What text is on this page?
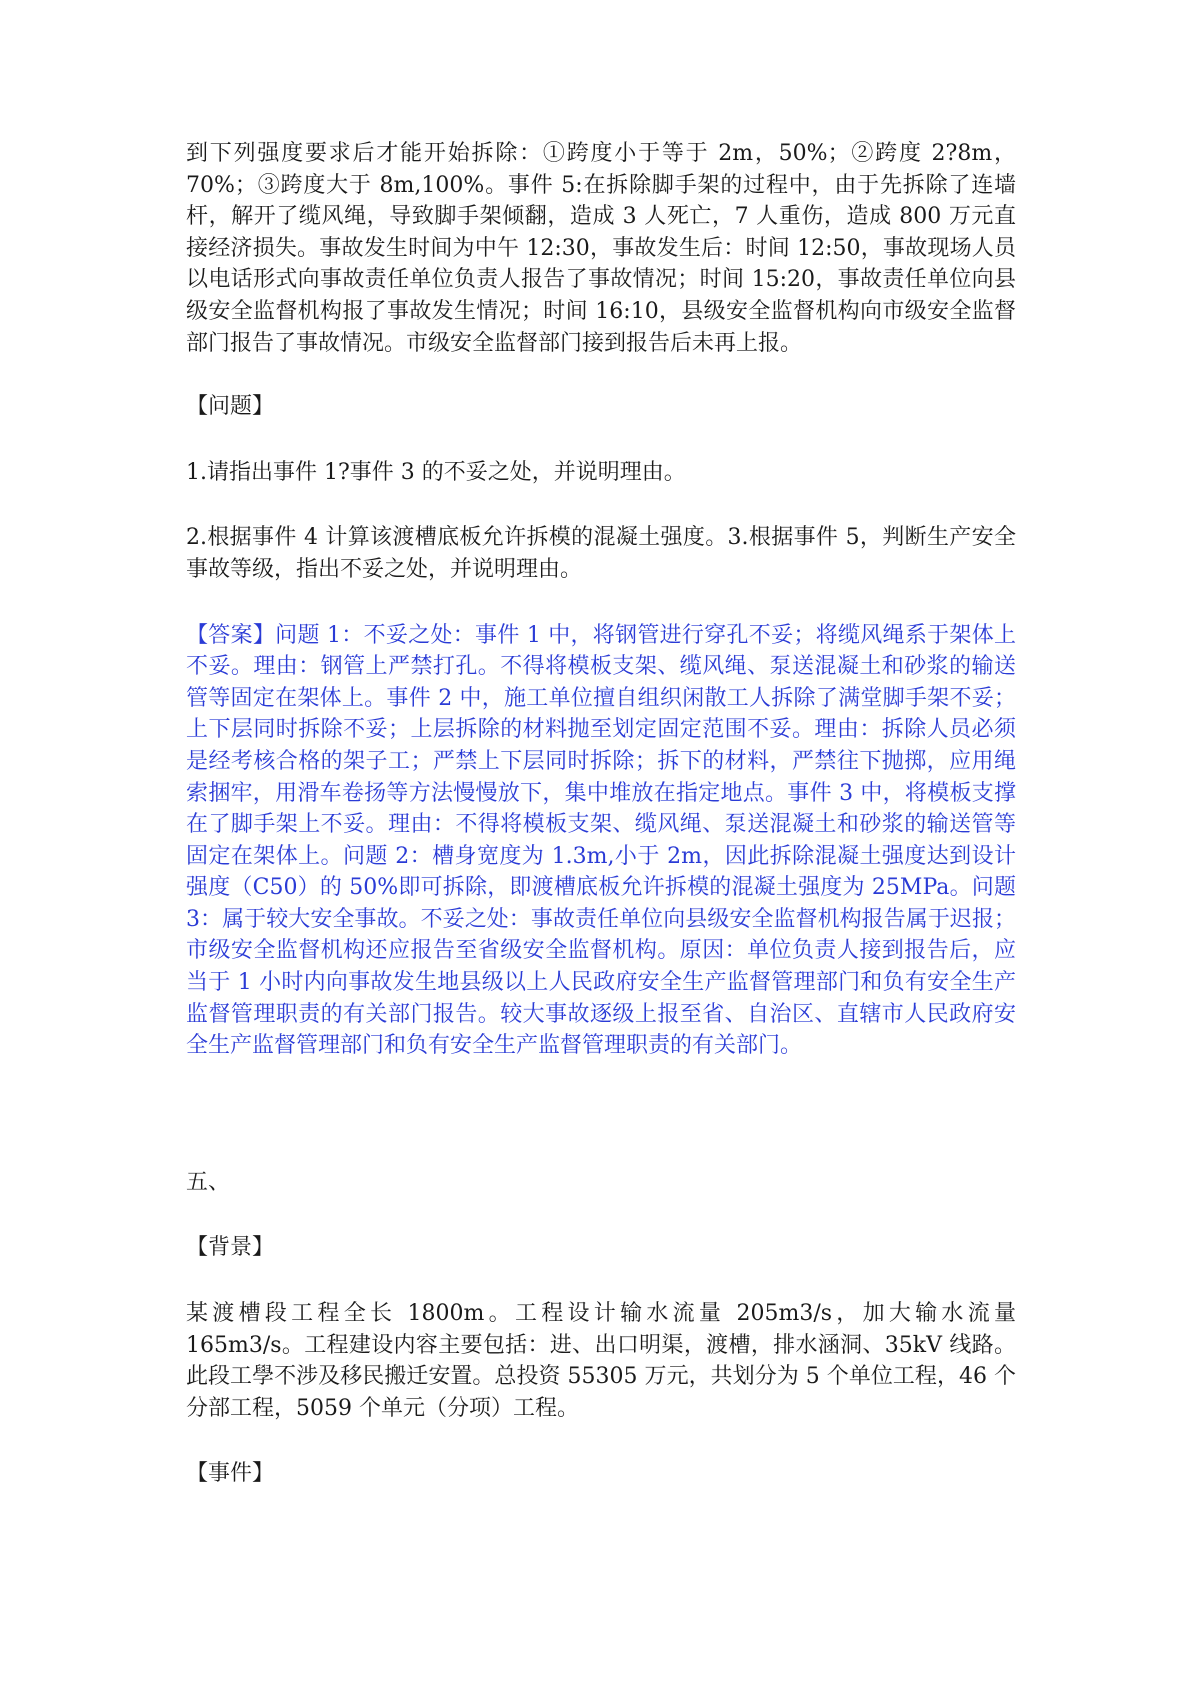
到下列强度要求后才能开始拆除：①跨度小于等于 2m，50%；②跨度 2?8m，70%；③跨度大于 8m,100%。事件 5:在拆除脚手架的过程中，由于先拆除了连墙杆，解开了缆风绳，导致脚手架倾翻，造成 3 人死亡，7 人重伤，造成 800 万元直接经济损失。事故发生时间为中午 12:30，事故发生后：时间 12:50，事故现场人员以电话形式向事故责任单位负责人报告了事故情况；时间 15:20，事故责任单位向县级安全监督机构报了事故发生情况；时间 16:10，县级安全监督机构向市级安全监督部门报告了事故情况。市级安全监督部门接到报告后未再上报。

【问题】

1.请指出事件 1?事件 3 的不妥之处，并说明理由。

2.根据事件 4 计算该渡槽底板允许拆模的混凝土强度。3.根据事件 5，判断生产安全事故等级，指出不妥之处，并说明理由。

【答案】问题 1：不妥之处：事件 1 中，将钢管进行穿孔不妥；将缆风绳系于架体上不妥。理由：钢管上严禁打孔。不得将模板支架、缆风绳、泵送混凝土和砂浆的输送管等固定在架体上。事件 2 中，施工单位擅自组织闲散工人拆除了满堂脚手架不妥；上下层同时拆除不妥；上层拆除的材料抛至划定固定范围不妥。理由：拆除人员必须是经考核合格的架子工；严禁上下层同时拆除；拆下的材料，严禁往下抛掷，应用绳索捆牢，用滑车卷扬等方法慢慢放下，集中堆放在指定地点。事件 3 中，将模板支撑在了脚手架上不妥。理由：不得将模板支架、缆风绳、泵送混凝土和砂浆的输送管等固定在架体上。问题 2：槽身宽度为 1.3m,小于 2m，因此拆除混凝土强度达到设计强度（C50）的 50%即可拆除，即渡槽底板允许拆模的混凝土强度为 25MPa。问题 3：属于较大安全事故。不妥之处：事故责任单位向县级安全监督机构报告属于迟报；市级安全监督机构还应报告至省级安全监督机构。原因：单位负责人接到报告后，应当于 1 小时内向事故发生地县级以上人民政府安全生产监督管理部门和负有安全生产监督管理职责的有关部门报告。较大事故逐级上报至省、自治区、直辖市人民政府安全生产监督管理部门和负有安全生产监督管理职责的有关部门。

五、

【背景】

某渡槽段工程全长 1800m。工程设计输水流量 205m3/s，加大输水流量 165m3/s。工程建设内容主要包括：进、出口明渠，渡槽，排水涵洞、35kV 线路。此段工學不涉及移民搬迁安置。总投资 55305 万元，共划分为 5 个单位工程，46 个分部工程，5059 个单元（分项）工程。

【事件】
